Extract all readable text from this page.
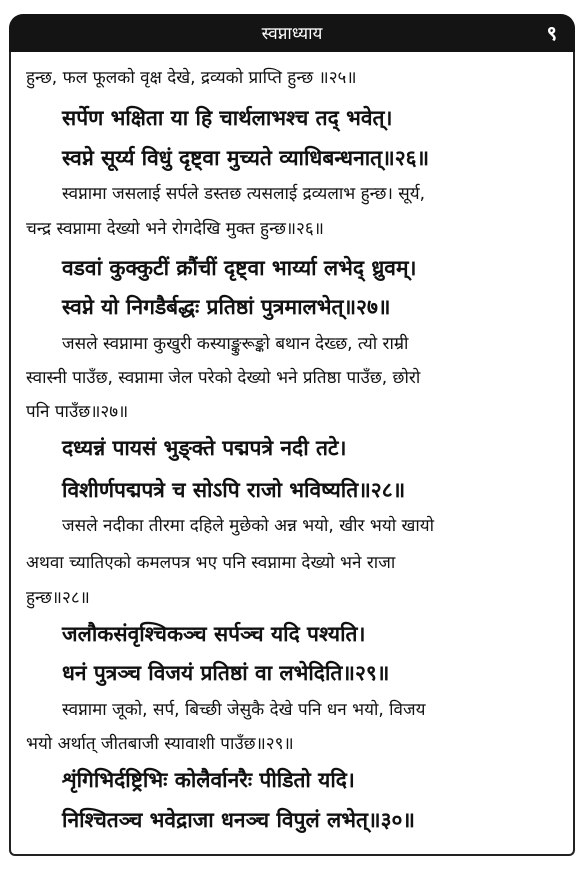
स्वप्नाध्याय	९
हुन्छ, फल फूलको वृक्ष देखे, द्रव्यको प्राप्ति हुन्छ ॥२५॥
सर्पेण भक्षिता या हि चार्थलाभश्च तद् भवेत्।
स्वप्ने सूर्य्य विधुं दृष्ट्वा मुच्यते व्याधिबन्धनात्॥२६॥
स्वप्नामा जसलाई सर्पले डस्तछ त्यसलाई द्रव्यलाभ हुन्छ। सूर्य,
चन्द्र स्वप्नामा देख्यो भने रोगदेखि मुक्त हुन्छ॥२६॥
वडवां कुक्कुटीं क्रौंचीं दृष्ट्वा भार्य्या लभेद् ध्रुवम्।
स्वप्ने यो निगडैर्बद्धः प्रतिष्ठां पुत्रमालभेत्॥२७॥
जसले स्वप्नामा कुखुरी कस्याङ्कुरूङ्को बथान देख्छ, त्यो राम्री
स्वास्नी पाउँछ, स्वप्नामा जेल परेको देख्यो भने प्रतिष्ठा पाउँछ, छोरो
पनि पाउँछ॥२७॥
दध्यन्नं पायसं भुङ्क्ते पद्मपत्रे नदी तटे।
विशीर्णपद्मपत्रे च सोऽपि राजो भविष्यति॥२८॥
जसले नदीका तीरमा दहिले मुछेको अन्न भयो, खीर भयो खायो
अथवा च्यातिएको कमलपत्र भए पनि स्वप्नामा देख्यो भने राजा
हुन्छ॥२८॥
जलौकसंवृश्चिकञ्च सर्पञ्च यदि पश्यति।
धनं पुत्रञ्च विजयं प्रतिष्ठां वा लभेदिति॥२९॥
स्वप्नामा जूको, सर्प, बिच्छी जेसुकै देखे पनि धन भयो, विजय
भयो अर्थात् जीतबाजी स्यावाशी पाउँछ॥२९॥
शृंगिभिर्दष्ट्रिभिः कोलैर्वानरैः पीडितो यदि।
निश्चितञ्च भवेद्राजा धनञ्च विपुलं लभेत्॥३०॥
